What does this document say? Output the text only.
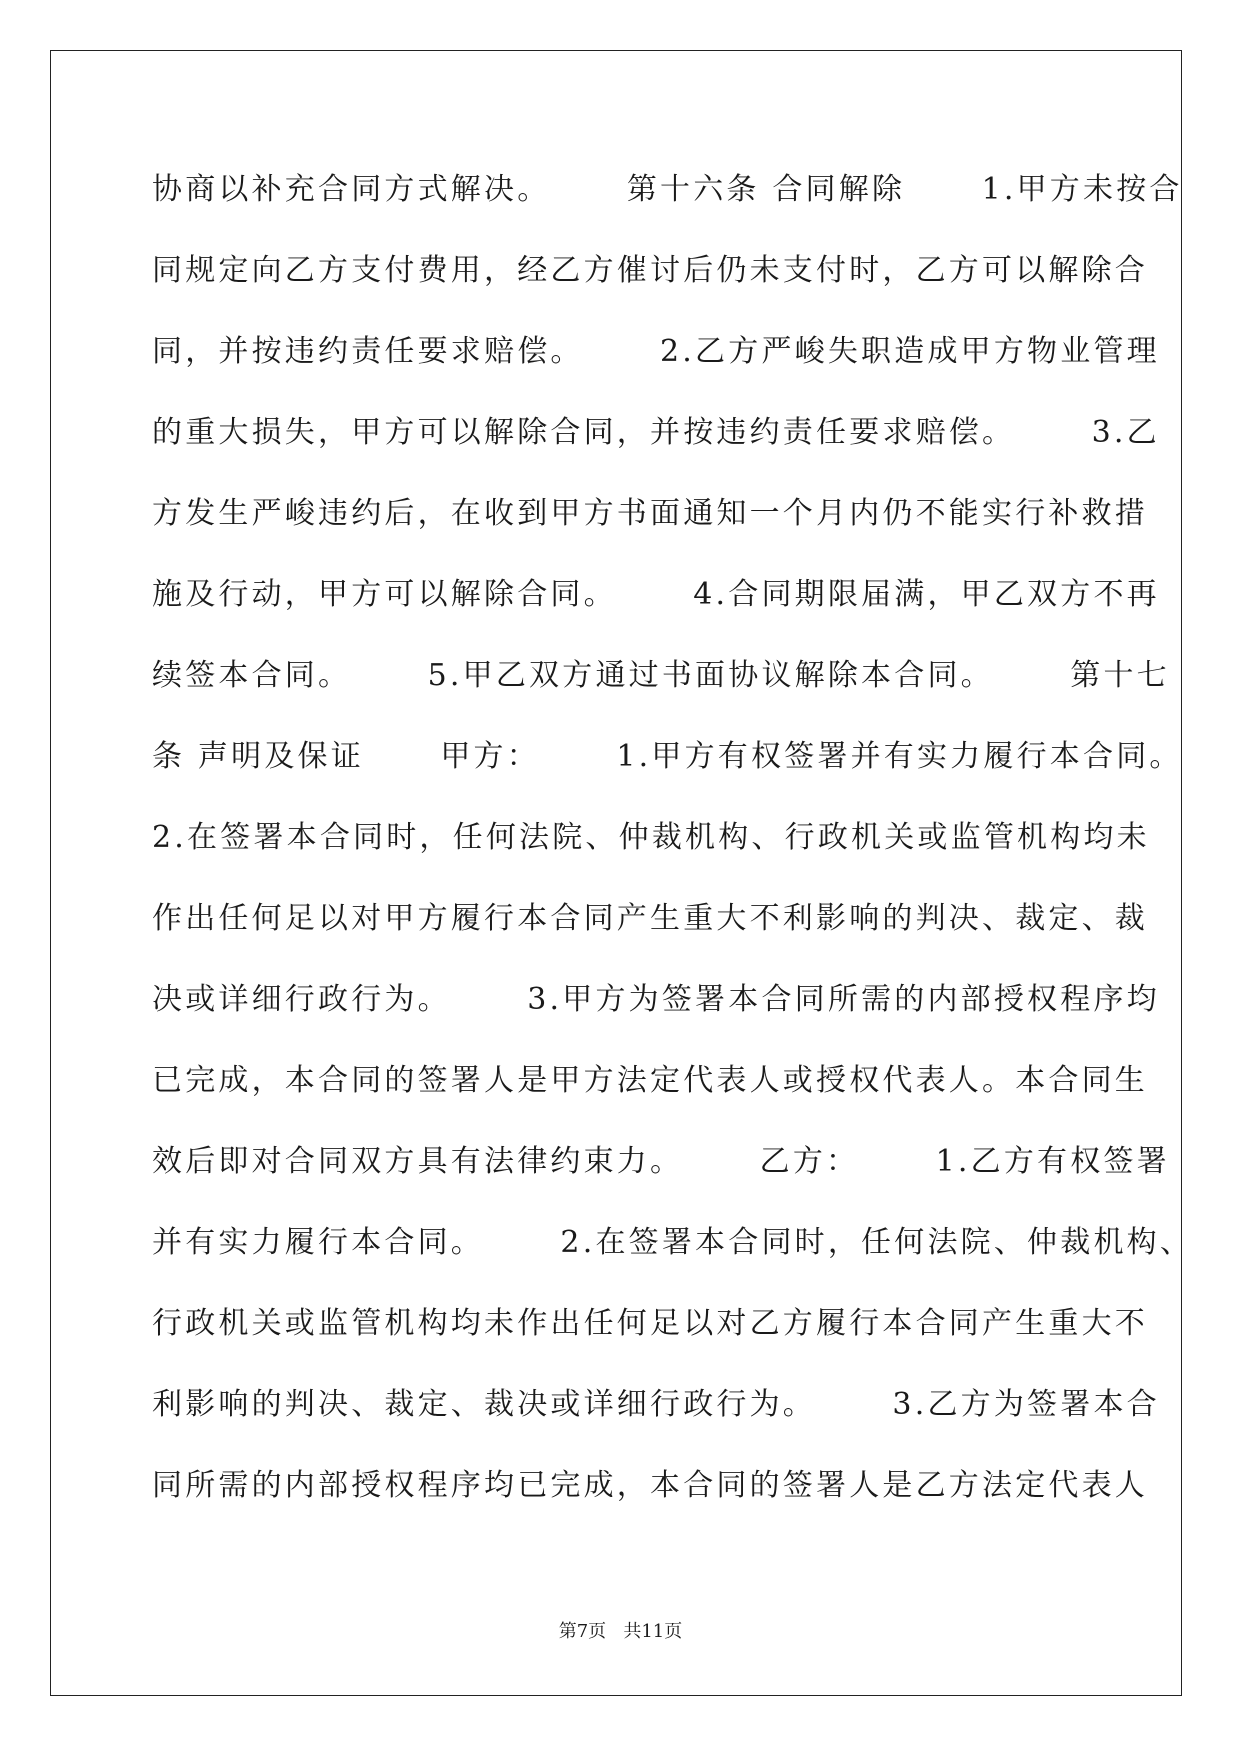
协商以补充合同方式解决。      第十六条 合同解除      1.甲方未按合
同规定向乙方支付费用，经乙方催讨后仍未支付时，乙方可以解除合
同，并按违约责任要求赔偿。      2.乙方严峻失职造成甲方物业管理
的重大损失，甲方可以解除合同，并按违约责任要求赔偿。      3.乙
方发生严峻违约后，在收到甲方书面通知一个月内仍不能实行补救措
施及行动，甲方可以解除合同。      4.合同期限届满，甲乙双方不再
续签本合同。      5.甲乙双方通过书面协议解除本合同。      第十七
条 声明及保证      甲方：      1.甲方有权签署并有实力履行本合同。
2.在签署本合同时，任何法院、仲裁机构、行政机关或监管机构均未
作出任何足以对甲方履行本合同产生重大不利影响的判决、裁定、裁
决或详细行政行为。      3.甲方为签署本合同所需的内部授权程序均
已完成，本合同的签署人是甲方法定代表人或授权代表人。本合同生
效后即对合同双方具有法律约束力。      乙方：      1.乙方有权签署
并有实力履行本合同。      2.在签署本合同时，任何法院、仲裁机构、
行政机关或监管机构均未作出任何足以对乙方履行本合同产生重大不
利影响的判决、裁定、裁决或详细行政行为。      3.乙方为签署本合
同所需的内部授权程序均已完成，本合同的签署人是乙方法定代表人
第7页   共11页
